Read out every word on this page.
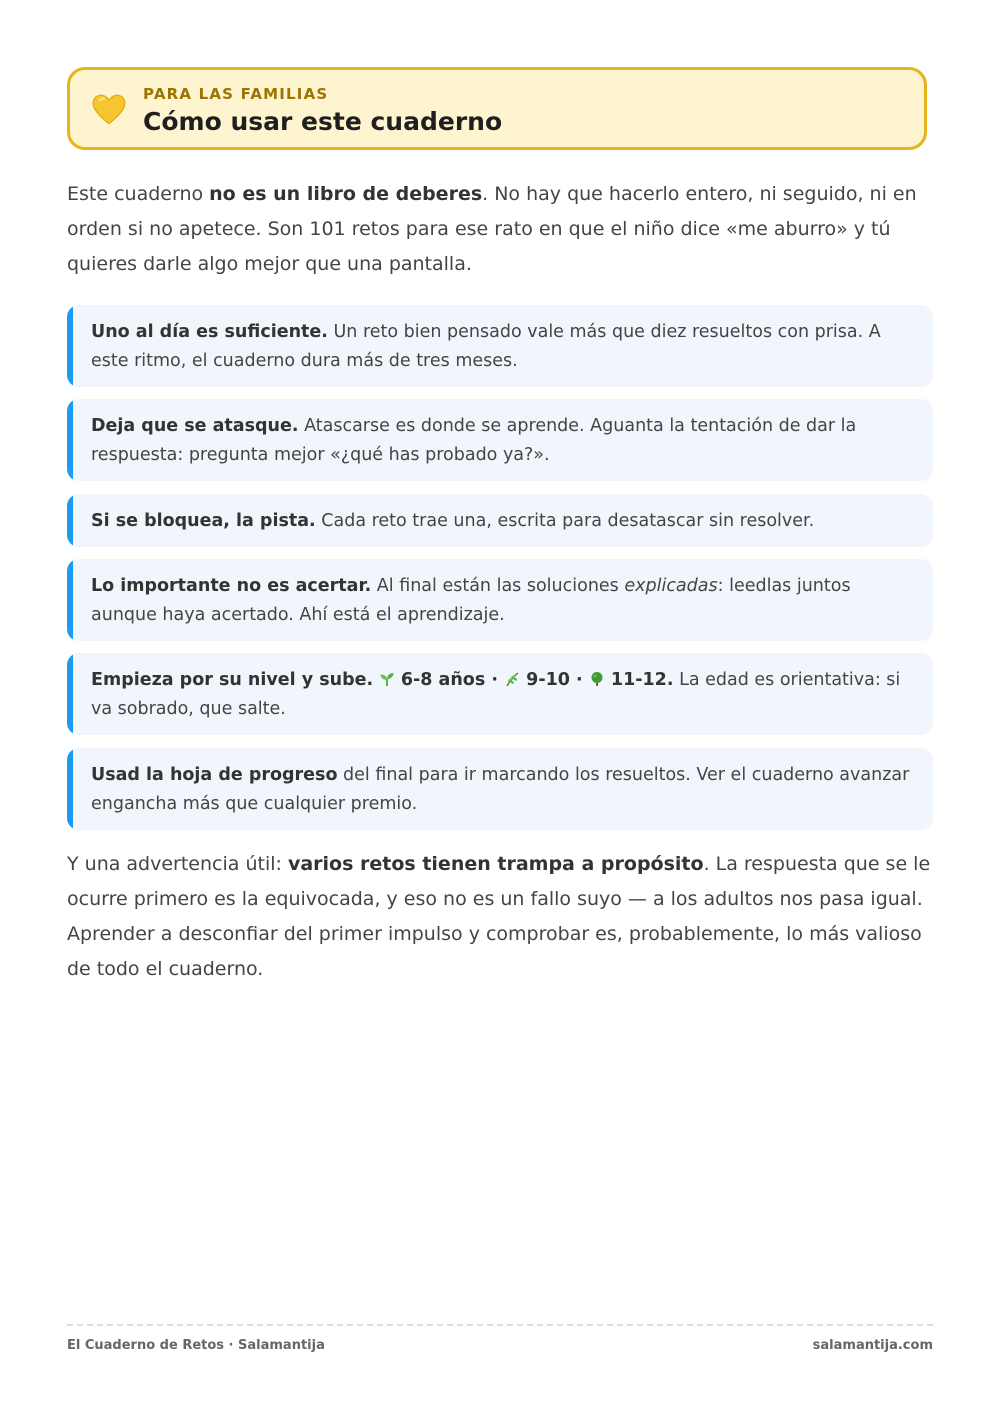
PARA LAS FAMILIAS
Cómo usar este cuaderno
Este cuaderno no es un libro de deberes. No hay que hacerlo entero, ni seguido, ni en orden si no apetece. Son 101 retos para ese rato en que el niño dice «me aburro» y tú quieres darle algo mejor que una pantalla.
Uno al día es suficiente. Un reto bien pensado vale más que diez resueltos con prisa. A este ritmo, el cuaderno dura más de tres meses.
Deja que se atasque. Atascarse es donde se aprende. Aguanta la tentación de dar la respuesta: pregunta mejor «¿qué has probado ya?».
Si se bloquea, la pista. Cada reto trae una, escrita para desatascar sin resolver.
Lo importante no es acertar. Al final están las soluciones explicadas: leedlas juntos aunque haya acertado. Ahí está el aprendizaje.
Empieza por su nivel y sube.  6-8 años ·  9-10 ·  11-12. La edad es orientativa: si va sobrado, que salte.
Usad la hoja de progreso del final para ir marcando los resueltos. Ver el cuaderno avanzar engancha más que cualquier premio.
Y una advertencia útil: varios retos tienen trampa a propósito. La respuesta que se le ocurre primero es la equivocada, y eso no es un fallo suyo — a los adultos nos pasa igual. Aprender a desconfiar del primer impulso y comprobar es, probablemente, lo más valioso de todo el cuaderno.
El Cuaderno de Retos · Salamantija	salamantija.com
